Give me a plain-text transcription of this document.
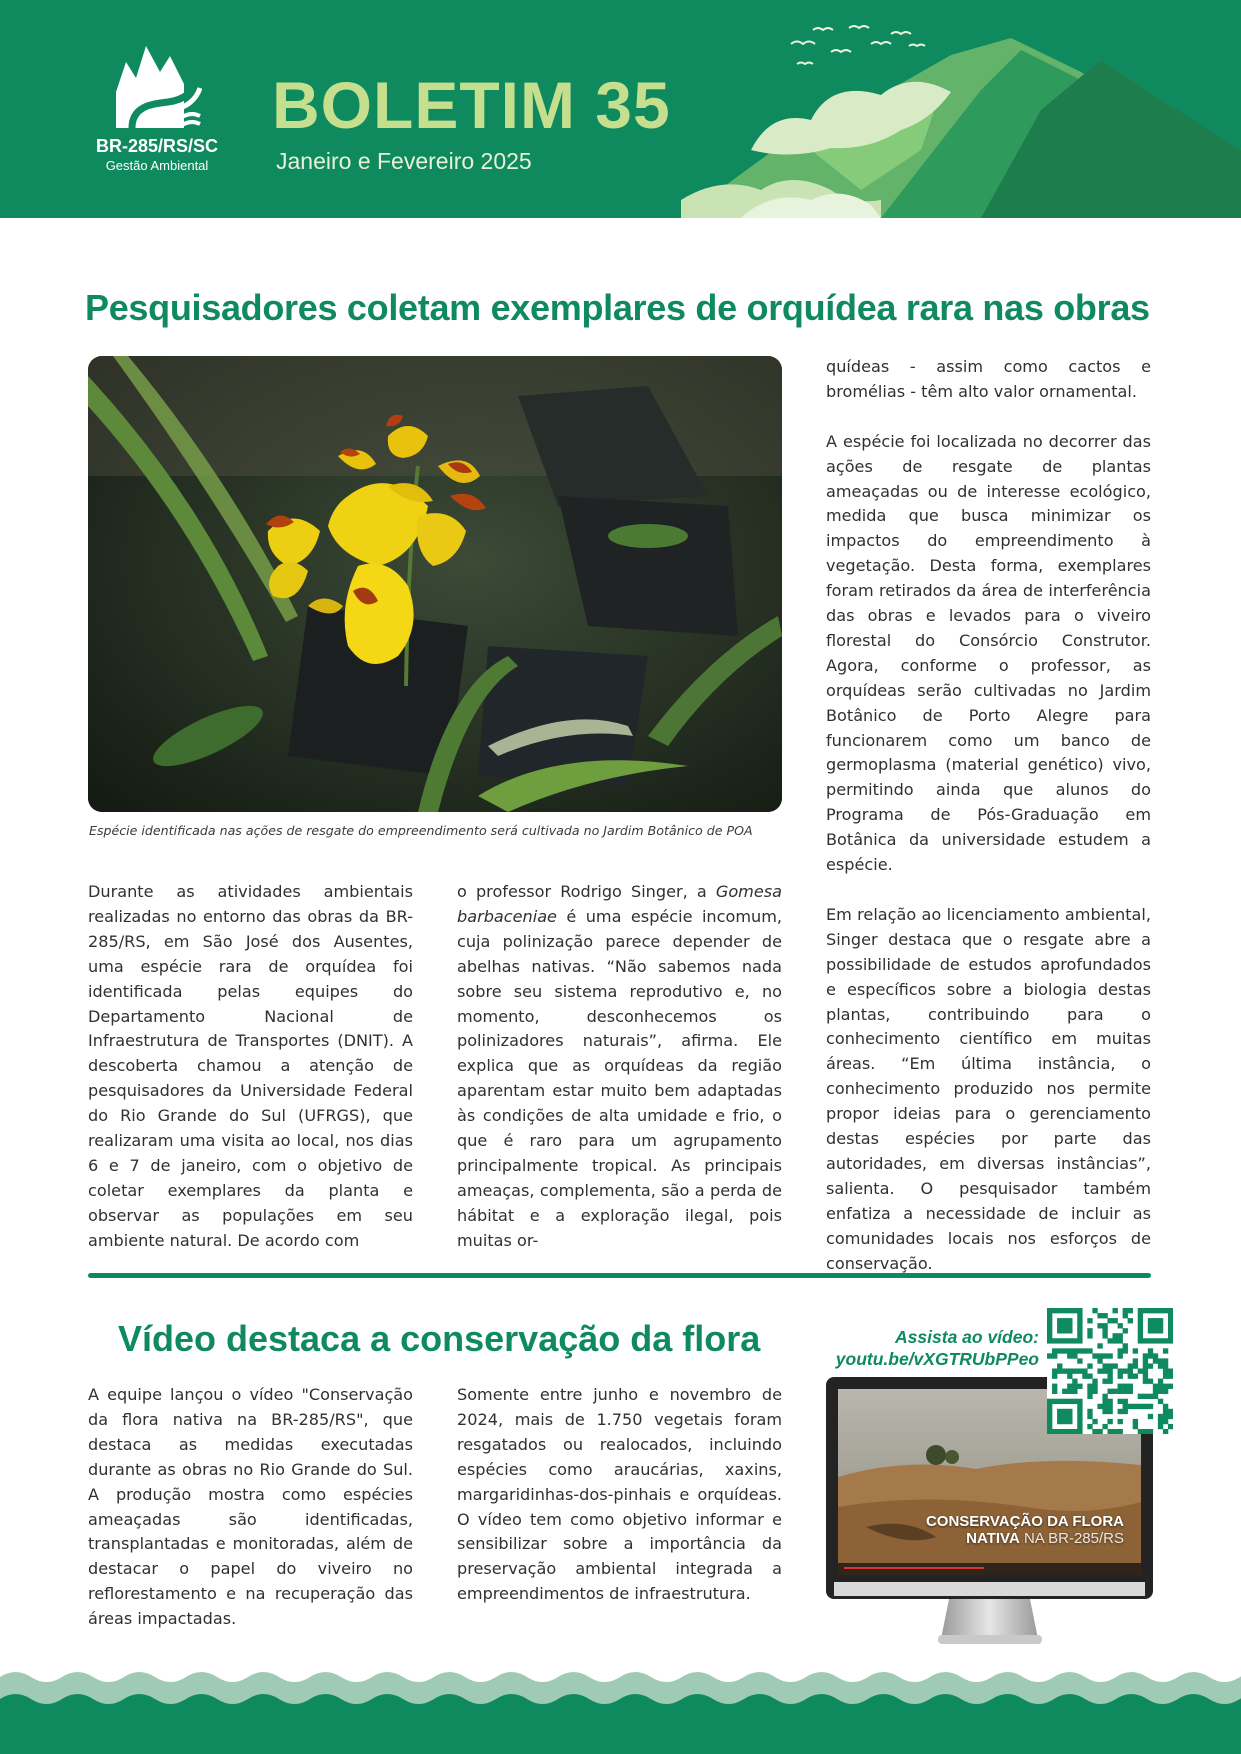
BR-285/RS/SC
Gestão Ambiental
BOLETIM 35
Janeiro e Fevereiro 2025
Pesquisadores coletam exemplares de orquídea rara nas obras
Espécie identificada nas ações de resgate do empreendimento será cultivada no Jardim Botânico de POA

Durante as atividades ambientais realizadas no entorno das obras da BR-285/RS, em São José dos Ausentes, uma espécie rara de orquídea foi identificada pelas equipes do Departamento Nacional de Infraestrutura de Transportes (DNIT). A descoberta chamou a atenção de pesquisadores da Universidade Federal do Rio Grande do Sul (UFRGS), que realizaram uma visita ao local, nos dias 6 e 7 de janeiro, com o objetivo de coletar exemplares da planta e observar as populações em seu ambiente natural. De acordo com

o professor Rodrigo Singer, a Gomesa barbaceniae é uma espécie incomum, cuja polinização parece depender de abelhas nativas. “Não sabemos nada sobre seu sistema reprodutivo e, no momento, desconhecemos os polinizadores naturais”, afirma. Ele explica que as orquídeas da região aparentam estar muito bem adaptadas às condições de alta umidade e frio, o que é raro para um agrupamento principalmente tropical. As principais ameaças, complementa, são a perda de hábitat e a exploração ilegal, pois muitas or-

quídeas - assim como cactos e bromélias - têm alto valor ornamental.

A espécie foi localizada no decorrer das ações de resgate de plantas ameaçadas ou de interesse ecológico, medida que busca minimizar os impactos do empreendimento à vegetação. Desta forma, exemplares foram retirados da área de interferência das obras e levados para o viveiro florestal do Consórcio Construtor. Agora, conforme o professor, as orquídeas serão cultivadas no Jardim Botânico de Porto Alegre para funcionarem como um banco de germoplasma (material genético) vivo, permitindo ainda que alunos do Programa de Pós-Graduação em Botânica da universidade estudem a espécie.

Em relação ao licenciamento ambiental, Singer destaca que o resgate abre a possibilidade de estudos aprofundados e específicos sobre a biologia destas plantas, contribuindo para o conhecimento científico em muitas áreas. “Em última instância, o conhecimento produzido nos permite propor ideias para o gerenciamento destas espécies por parte das autoridades, em diversas instâncias”, salienta. O pesquisador também enfatiza a necessidade de incluir as comunidades locais nos esforços de conservação.

Vídeo destaca a conservação da flora

A equipe lançou o vídeo "Conservação da flora nativa na BR-285/RS", que destaca as medidas executadas durante as obras no Rio Grande do Sul. A produção mostra como espécies ameaçadas são identificadas, transplantadas e monitoradas, além de destacar o papel do viveiro no reflorestamento e na recuperação das áreas impactadas.

Somente entre junho e novembro de 2024, mais de 1.750 vegetais foram resgatados ou realocados, incluindo espécies como araucárias, xaxins, margaridinhas-dos-pinhais e orquídeas. O vídeo tem como objetivo informar e sensibilizar sobre a importância da preservação ambiental integrada a empreendimentos de infraestrutura.

Assista ao vídeo:
youtu.be/vXGTRUbPPeo
CONSERVAÇÃO DA FLORA
NATIVA NA BR-285/RS
